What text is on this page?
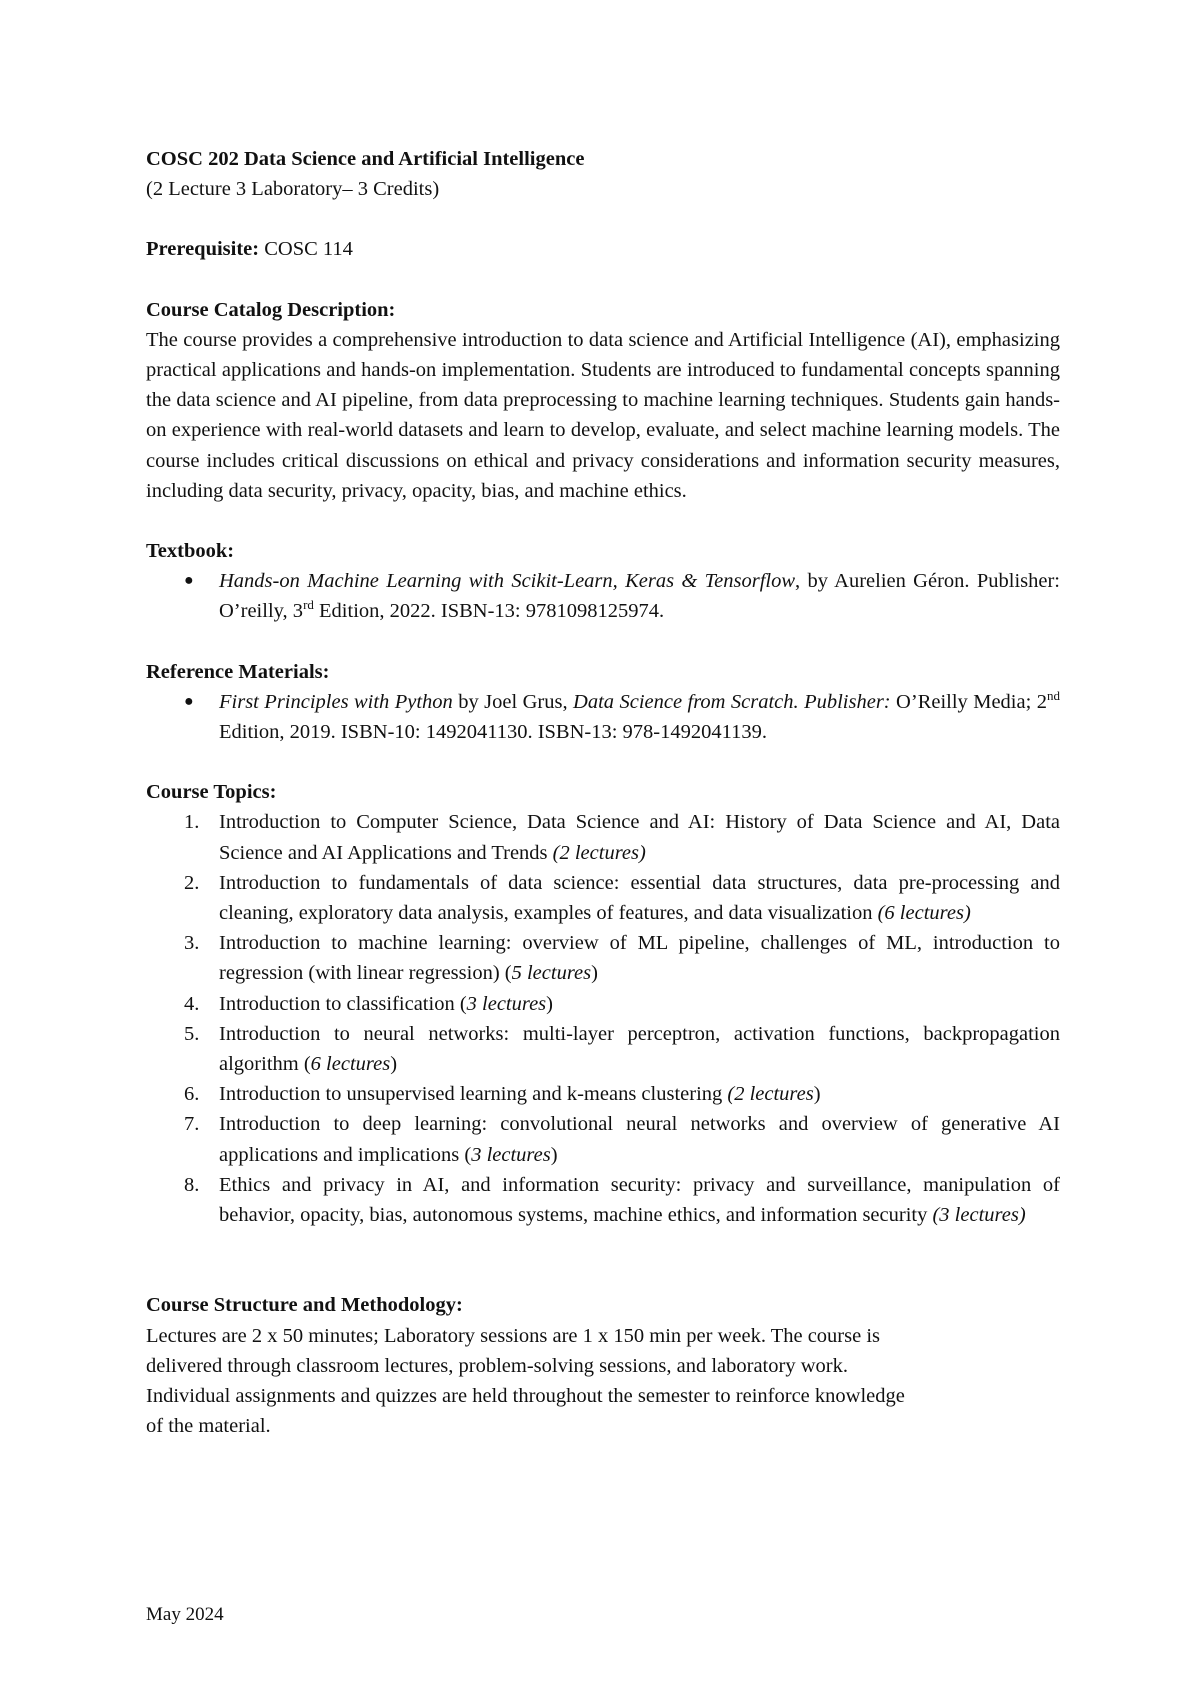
COSC 202 Data Science and Artificial Intelligence

(2 Lecture 3 Laboratory– 3 Credits)

Prerequisite: COSC 114

Course Catalog Description:

The course provides a comprehensive introduction to data science and Artificial Intelligence (AI), emphasizing practical applications and hands-on implementation. Students are introduced to fundamental concepts spanning the data science and AI pipeline, from data preprocessing to machine learning techniques. Students gain hands-on experience with real-world datasets and learn to develop, evaluate, and select machine learning models. The course includes critical discussions on ethical and privacy considerations and information security measures, including data security, privacy, opacity, bias, and machine ethics.

Textbook:

● Hands-on Machine Learning with Scikit-Learn, Keras & Tensorflow, by Aurelien Géron. Publisher: O’reilly, 3rd Edition, 2022. ISBN-13: 9781098125974.

Reference Materials:

● First Principles with Python by Joel Grus, Data Science from Scratch. Publisher: O’Reilly Media; 2nd Edition, 2019. ISBN-10: 1492041130. ISBN-13: 978-1492041139.

Course Topics:

1. Introduction to Computer Science, Data Science and AI: History of Data Science and AI, Data Science and AI Applications and Trends (2 lectures)
2. Introduction to fundamentals of data science: essential data structures, data pre-processing and cleaning, exploratory data analysis, examples of features, and data visualization (6 lectures)
3. Introduction to machine learning: overview of ML pipeline, challenges of ML, introduction to regression (with linear regression) (5 lectures)
4. Introduction to classification (3 lectures)
5. Introduction to neural networks: multi-layer perceptron, activation functions, backpropagation algorithm (6 lectures)
6. Introduction to unsupervised learning and k-means clustering (2 lectures)
7. Introduction to deep learning: convolutional neural networks and overview of generative AI applications and implications (3 lectures)
8. Ethics and privacy in AI, and information security: privacy and surveillance, manipulation of behavior, opacity, bias, autonomous systems, machine ethics, and information security (3 lectures)

Course Structure and Methodology:

Lectures are 2 x 50 minutes; Laboratory sessions are 1 x 150 min per week. The course is

delivered through classroom lectures, problem-solving sessions, and laboratory work.

Individual assignments and quizzes are held throughout the semester to reinforce knowledge

of the material.

May 2024
